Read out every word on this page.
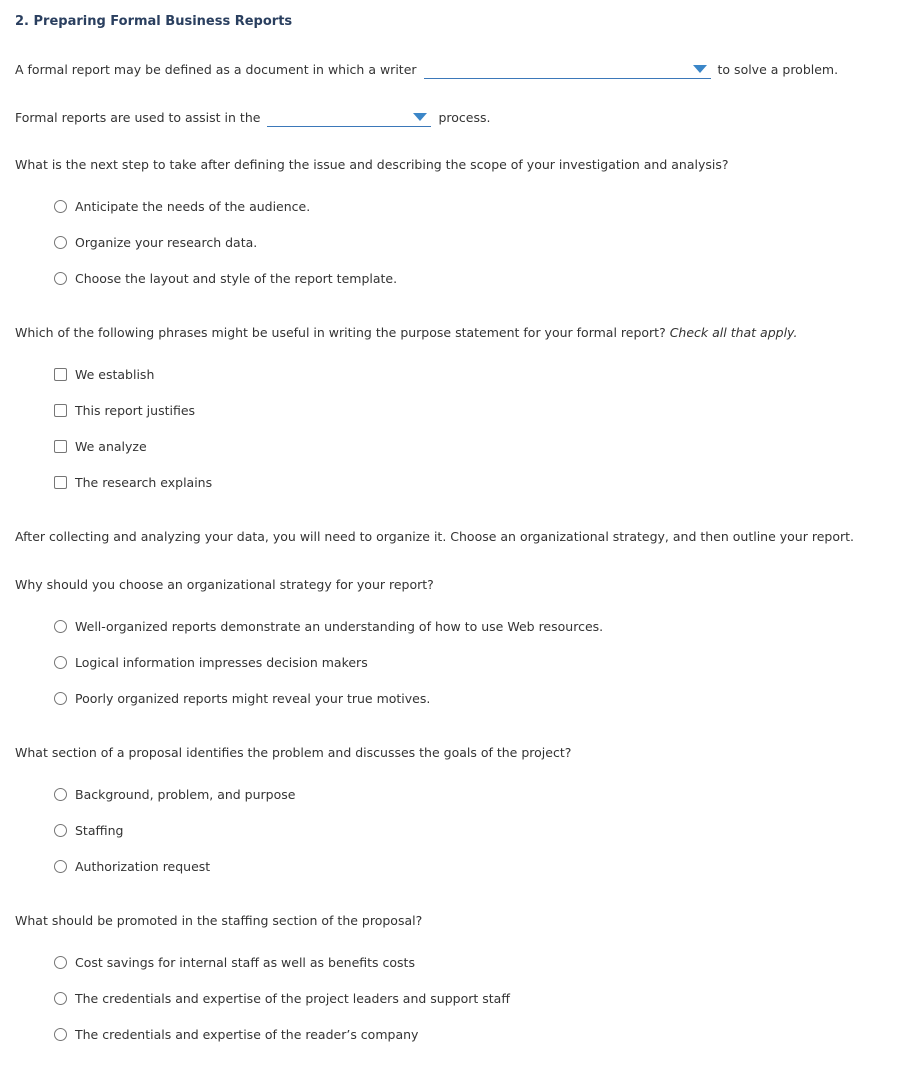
2. Preparing Formal Business Reports
A formal report may be defined as a document in which a writer	to solve a problem.
Formal reports are used to assist in the	process.
What is the next step to take after defining the issue and describing the scope of your investigation and analysis?
Anticipate the needs of the audience.
Organize your research data.
Choose the layout and style of the report template.
Which of the following phrases might be useful in writing the purpose statement for your formal report? Check all that apply.
We establish
This report justifies
We analyze
The research explains
After collecting and analyzing your data, you will need to organize it. Choose an organizational strategy, and then outline your report.
Why should you choose an organizational strategy for your report?
Well-organized reports demonstrate an understanding of how to use Web resources.
Logical information impresses decision makers
Poorly organized reports might reveal your true motives.
What section of a proposal identifies the problem and discusses the goals of the project?
Background, problem, and purpose
Staffing
Authorization request
What should be promoted in the staffing section of the proposal?
Cost savings for internal staff as well as benefits costs
The credentials and expertise of the project leaders and support staff
The credentials and expertise of the reader’s company
